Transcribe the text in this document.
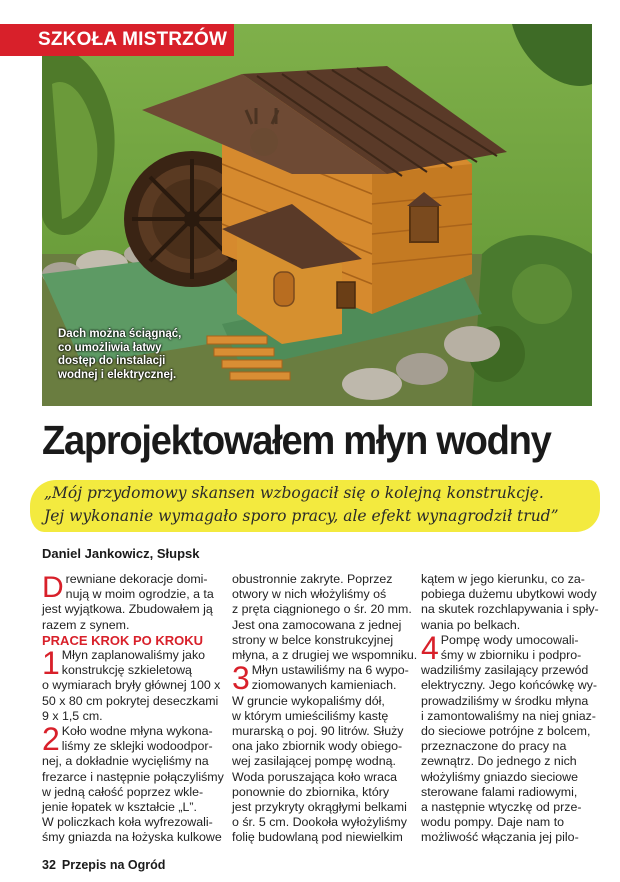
SZKOŁA MISTRZÓW
Dach można ściągnąć,
co umożliwia łatwy
dostęp do instalacji
wodnej i elektrycznej.
Zaprojektowałem młyn wodny
„Mój przydomowy skansen wzbogacił się o kolejną konstrukcję.
Jej wykonanie wymagało sporo pracy, ale efekt wynagrodził trud”
Daniel Jankowicz, Słupsk
D rewniane dekoracje domi-
nują w moim ogrodzie, a ta
jest wyjątkowa. Zbudowałem ją
razem z synem.
PRACE KROK PO KROKU
1 Młyn zaplanowaliśmy jako
konstrukcję szkieletową
o wymiarach bryły głównej 100 x
50 x 80 cm pokrytej deseczkami
9 x 1,5 cm.
2 Koło wodne młyna wykona-
liśmy ze sklejki wodoodpor-
nej, a dokładnie wycięliśmy na
frezarce i następnie połączyliśmy
w jedną całość poprzez wkle-
jenie łopatek w kształcie „L”.
W policzkach koła wyfrezowali-
śmy gniazda na łożyska kulkowe
obustronnie zakryte. Poprzez
otwory w nich włożyliśmy oś
z pręta ciągnionego o śr. 20 mm.
Jest ona zamocowana z jednej
strony w belce konstrukcyjnej
młyna, a z drugiej we wspomniku.
3 Młyn ustawiliśmy na 6 wypo-
ziomowanych kamieniach.
W gruncie wykopaliśmy dół,
w którym umieściliśmy kastę
murarską o poj. 90 litrów. Służy
ona jako zbiornik wody obiego-
wej zasilającej pompę wodną.
Woda poruszająca koło wraca
ponownie do zbiornika, który
jest przykryty okrągłymi belkami
o śr. 5 cm. Dookoła wyłożyliśmy
folię budowlaną pod niewielkim
kątem w jego kierunku, co za-
pobiega dużemu ubytkowi wody
na skutek rozchlapywania i spły-
wania po belkach.
4 Pompę wody umocowali-
śmy w zbiorniku i podpro-
wadziliśmy zasilający przewód
elektryczny. Jego końcówkę wy-
prowadziliśmy w środku młyna
i zamontowaliśmy na niej gniaz-
do sieciowe potrójne z bolcem,
przeznaczone do pracy na
zewnątrz. Do jednego z nich
włożyliśmy gniazdo sieciowe
sterowane falami radiowymi,
a następnie wtyczkę od prze-
wodu pompy. Daje nam to
możliwość włączania jej pilo-
32 Przepis na Ogród
